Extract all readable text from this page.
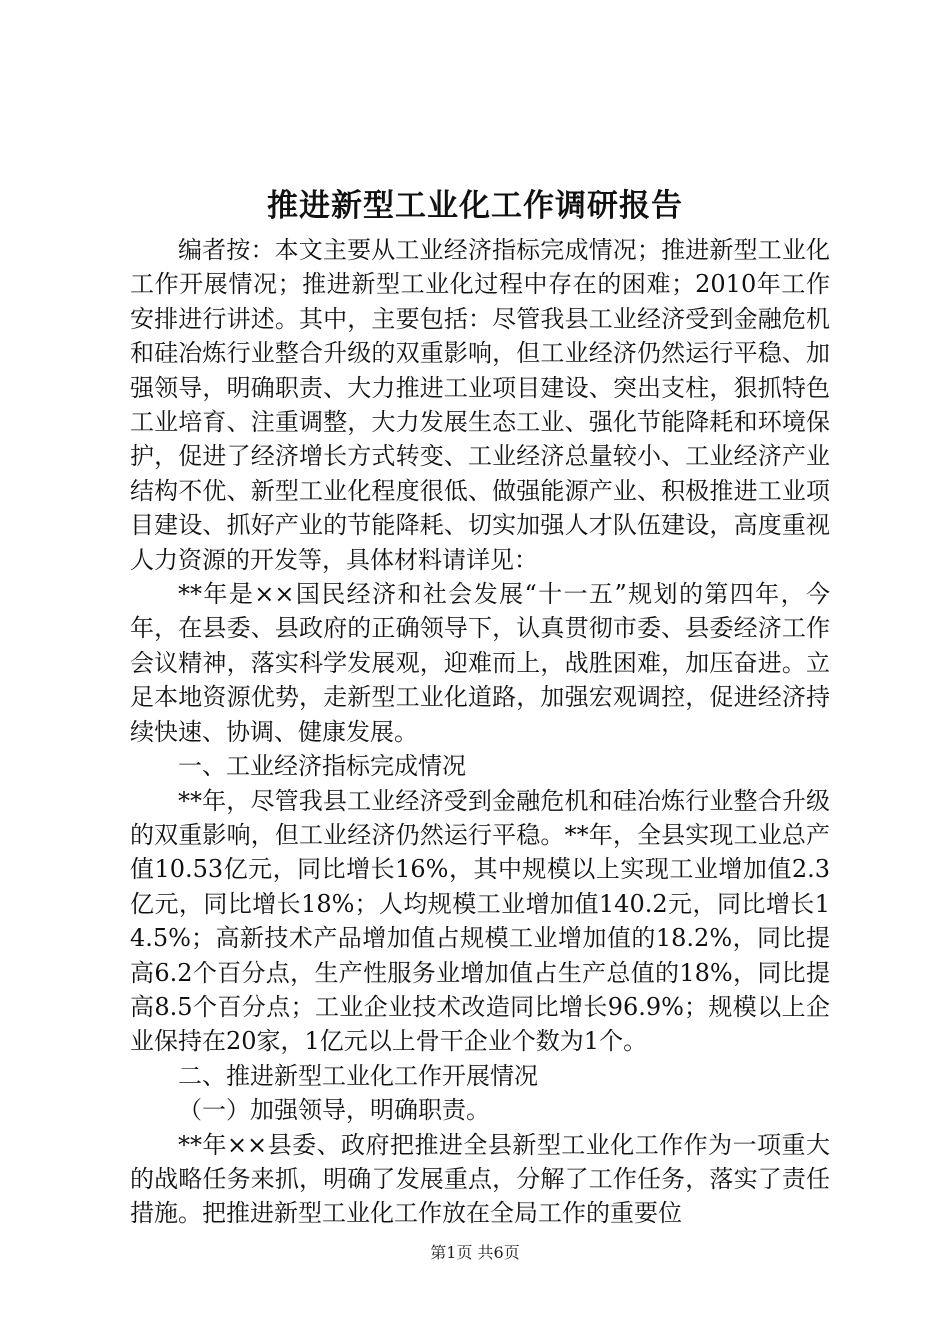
推进新型工业化工作调研报告

编者按：本文主要从工业经济指标完成情况；推进新型工业化工作开展情况；推进新型工业化过程中存在的困难；2010年工作安排进行讲述。其中，主要包括：尽管我县工业经济受到金融危机和硅冶炼行业整合升级的双重影响，但工业经济仍然运行平稳、加强领导，明确职责、大力推进工业项目建设、突出支柱，狠抓特色工业培育、注重调整，大力发展生态工业、强化节能降耗和环境保护，促进了经济增长方式转变、工业经济总量较小、工业经济产业结构不优、新型工业化程度很低、做强能源产业、积极推进工业项目建设、抓好产业的节能降耗、切实加强人才队伍建设，高度重视人力资源的开发等，具体材料请详见：

**年是××国民经济和社会发展“十一五”规划的第四年，今年，在县委、县政府的正确领导下，认真贯彻市委、县委经济工作会议精神，落实科学发展观，迎难而上，战胜困难，加压奋进。立足本地资源优势，走新型工业化道路，加强宏观调控，促进经济持续快速、协调、健康发展。

一、工业经济指标完成情况

**年，尽管我县工业经济受到金融危机和硅冶炼行业整合升级的双重影响，但工业经济仍然运行平稳。**年，全县实现工业总产值10.53亿元，同比增长16%，其中规模以上实现工业增加值2.3亿元，同比增长18%；人均规模工业增加值140.2元，同比增长14.5%；高新技术产品增加值占规模工业增加值的18.2%，同比提高6.2个百分点，生产性服务业增加值占生产总值的18%，同比提高8.5个百分点；工业企业技术改造同比增长96.9%；规模以上企业保持在20家，1亿元以上骨干企业个数为1个。

二、推进新型工业化工作开展情况

（一）加强领导，明确职责。

**年××县委、政府把推进全县新型工业化工作作为一项重大的战略任务来抓，明确了发展重点，分解了工作任务，落实了责任措施。把推进新型工业化工作放在全局工作的重要位

第1页 共6页
